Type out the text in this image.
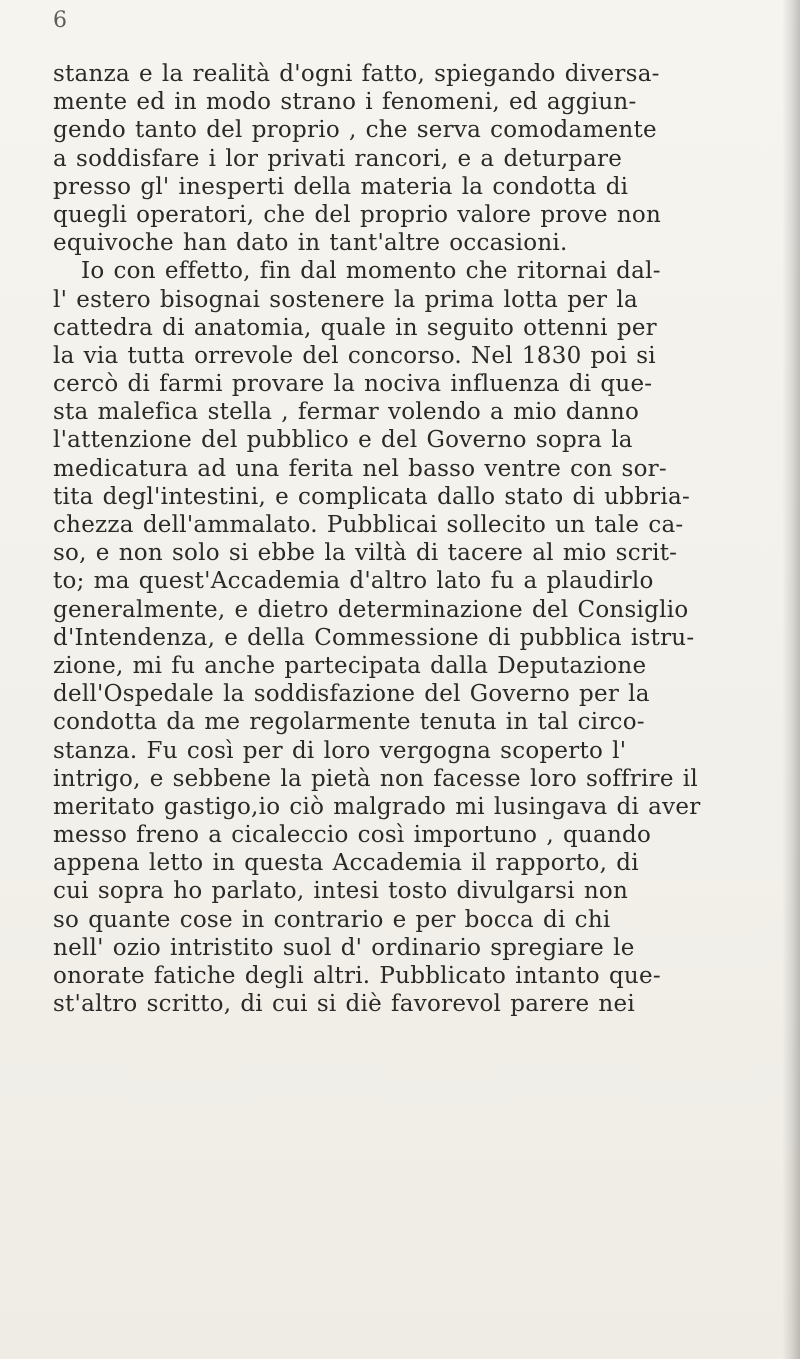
6
stanza e la realità d'ogni fatto, spiegando diversa-
mente ed in modo strano i fenomeni, ed aggiun-
gendo tanto del proprio , che serva comodamente
a soddisfare i lor privati rancori, e a deturpare
presso gl' inesperti della materia la condotta di
quegli operatori, che del proprio valore prove non
equivoche han dato in tant'altre occasioni.
Io con effetto, fin dal momento che ritornai dal-
l' estero bisognai sostenere la prima lotta per la
cattedra di anatomia, quale in seguito ottenni per
la via tutta orrevole del concorso. Nel 1830 poi si
cercò di farmi provare la nociva influenza di que-
sta malefica stella , fermar volendo a mio danno
l'attenzione del pubblico e del Governo sopra la
medicatura ad una ferita nel basso ventre con sor-
tita degl'intestini, e complicata dallo stato di ubbria-
chezza dell'ammalato. Pubblicai sollecito un tale ca-
so, e non solo si ebbe la viltà di tacere al mio scrit-
to; ma quest'Accademia d'altro lato fu a plaudirlo
generalmente, e dietro determinazione del Consiglio
d'Intendenza, e della Commessione di pubblica istru-
zione, mi fu anche partecipata dalla Deputazione
dell'Ospedale la soddisfazione del Governo per la
condotta da me regolarmente tenuta in tal circo-
stanza. Fu così per di loro vergogna scoperto l'
intrigo, e sebbene la pietà non facesse loro soffrire il
meritato gastigo,io ciò malgrado mi lusingava di aver
messo freno a cicaleccio così importuno , quando
appena letto in questa Accademia il rapporto, di
cui sopra ho parlato, intesi tosto divulgarsi non
so quante cose in contrario e per bocca di chi
nell' ozio intristito suol d' ordinario spregiare le
onorate fatiche degli altri. Pubblicato intanto que-
st'altro scritto, di cui si diè favorevol parere nei
